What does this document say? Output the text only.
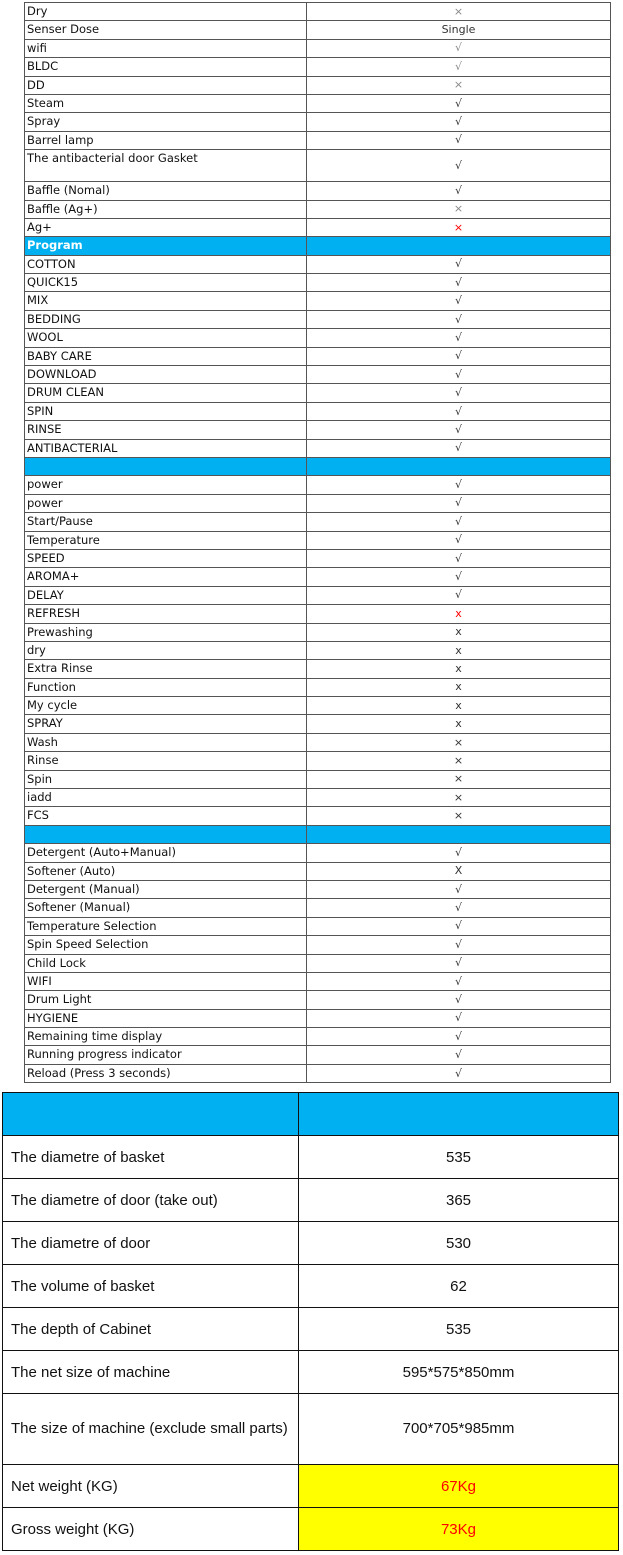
Dry	×
Senser Dose	Single
wifi	√
BLDC	√
DD	×
Steam	√
Spray	√
Barrel lamp	√
The antibacterial door Gasket	√
Baffle (Nomal)	√
Baffle (Ag+)	×
Ag+	×
Program	
COTTON	√
QUICK15	√
MIX	√
BEDDING	√
WOOL	√
BABY CARE	√
DOWNLOAD	√
DRUM CLEAN	√
SPIN	√
RINSE	√
ANTIBACTERIAL	√

power	√
power	√
Start/Pause	√
Temperature	√
SPEED	√
AROMA+	√
DELAY	√
REFRESH	x
Prewashing	x
dry	x
Extra Rinse	x
Function	x
My cycle	x
SPRAY	x
Wash	×
Rinse	×
Spin	×
iadd	×
FCS	×

Detergent (Auto+Manual)	√
Softener (Auto)	X
Detergent (Manual)	√
Softener (Manual)	√
Temperature Selection	√
Spin Speed Selection	√
Child Lock	√
WIFI	√
Drum Light	√
HYGIENE	√
Remaining time display	√
Running progress indicator	√
Reload (Press 3 seconds)	√

The diametre of basket	535
The diametre of door (take out)	365
The diametre of door	530
The volume of basket	62
The depth of Cabinet	535
The net size of machine	595*575*850mm
The size of machine (exclude small parts)	700*705*985mm
Net weight (KG)	67Kg
Gross weight (KG)	73Kg
